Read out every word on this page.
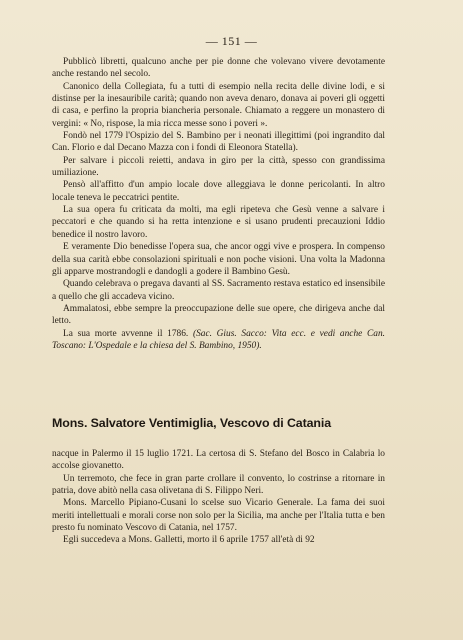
— 151 —

Pubblicò libretti, qualcuno anche per pie donne che volevano vivere devotamente anche restando nel secolo.

Canonico della Collegiata, fu a tutti di esempio nella recita delle divine lodi, e si distinse per la inesauribile carità; quando non aveva denaro, donava ai poveri gli oggetti di casa, e perfino la propria biancheria personale. Chiamato a reggere un monastero di vergini: « No, rispose, la mia ricca messe sono i poveri ».

Fondò nel 1779 l'Ospizio del S. Bambino per i neonati illegittimi (poi ingrandito dal Can. Florio e dal Decano Mazza con i fondi di Eleonora Statella).

Per salvare i piccoli reietti, andava in giro per la città, spesso con grandissima umiliazione.

Pensò all'affitto d'un ampio locale dove alleggiava le donne pericolanti. In altro locale teneva le peccatrici pentite.

La sua opera fu criticata da molti, ma egli ripeteva che Gesù venne a salvare i peccatori e che quando si ha retta intenzione e si usano prudenti precauzioni Iddio benedice il nostro lavoro.

E veramente Dio benedisse l'opera sua, che ancor oggi vive e prospera. In compenso della sua carità ebbe consolazioni spirituali e non poche visioni. Una volta la Madonna gli apparve mostrandogli e dandogli a godere il Bambino Gesù.

Quando celebrava o pregava davanti al SS. Sacramento restava estatico ed insensibile a quello che gli accadeva vicino.

Ammalatosi, ebbe sempre la preoccupazione delle sue opere, che dirigeva anche dal letto.

La sua morte avvenne il 1786. (Sac. Gius. Sacco: Vita ecc. e vedi anche Can. Toscano: L'Ospedale e la chiesa del S. Bambino, 1950).

Mons. Salvatore Ventimiglia, Vescovo di Catania

nacque in Palermo il 15 luglio 1721. La certosa di S. Stefano del Bosco in Calabria lo accolse giovanetto.

Un terremoto, che fece in gran parte crollare il convento, lo costrinse a ritornare in patria, dove abitò nella casa olivetana di S. Filippo Neri.

Mons. Marcello Pipiano-Cusani lo scelse suo Vicario Generale. La fama dei suoi meriti intellettuali e morali corse non solo per la Sicilia, ma anche per l'Italia tutta e ben presto fu nominato Vescovo di Catania, nel 1757.

Egli succedeva a Mons. Galletti, morto il 6 aprile 1757 all'età di 92
